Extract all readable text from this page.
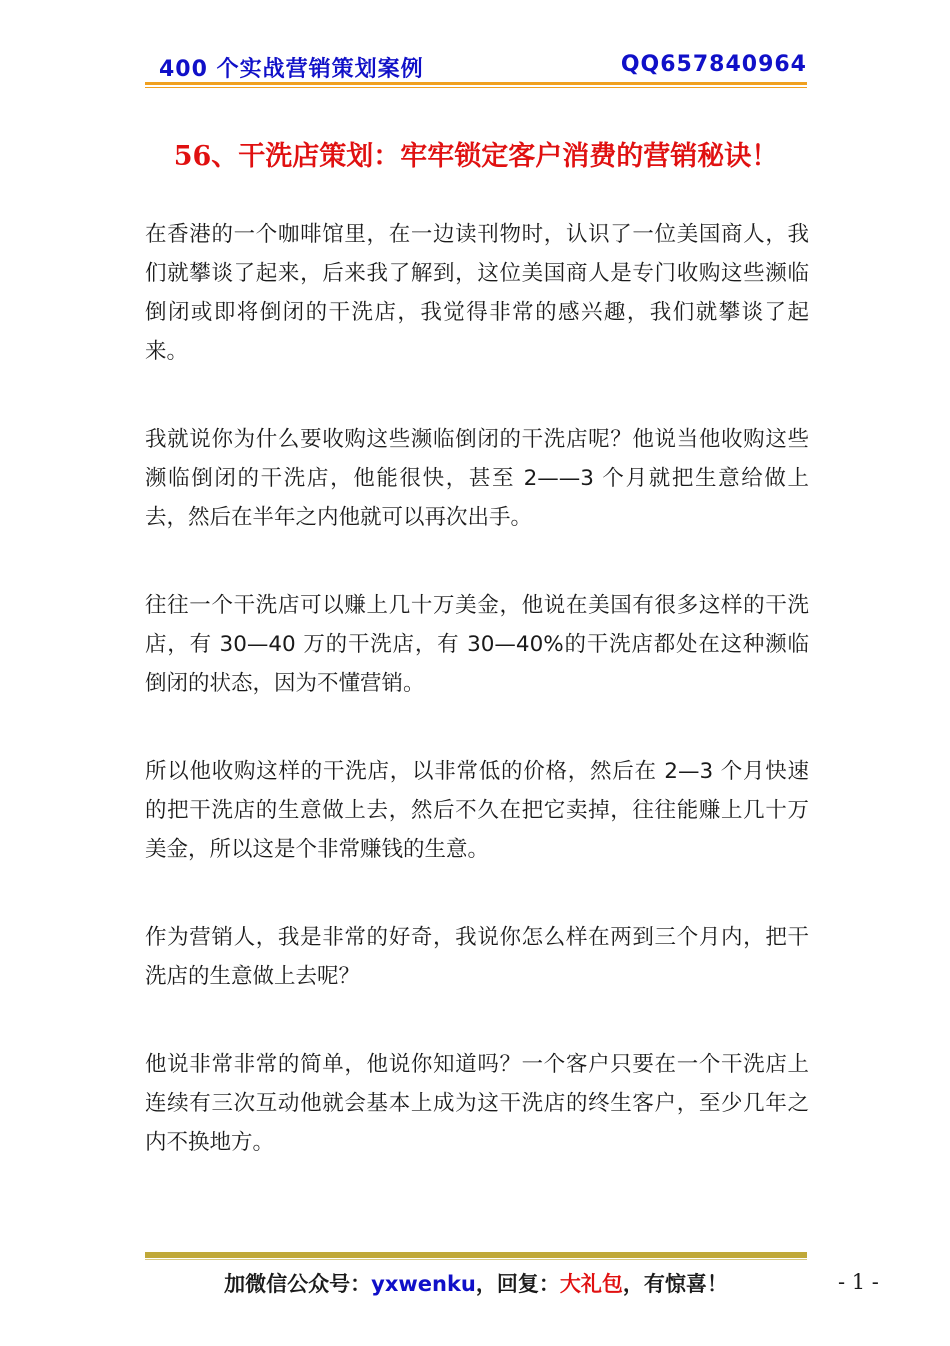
400 个实战营销策划案例	QQ657840964
56、干洗店策划：牢牢锁定客户消费的营销秘诀！

在香港的一个咖啡馆里，在一边读刊物时，认识了一位美国商人，我们就攀谈了起来，后来我了解到，这位美国商人是专门收购这些濒临倒闭或即将倒闭的干洗店，我觉得非常的感兴趣，我们就攀谈了起来。

我就说你为什么要收购这些濒临倒闭的干洗店呢？他说当他收购这些濒临倒闭的干洗店，他能很快，甚至 2——3 个月就把生意给做上去，然后在半年之内他就可以再次出手。

往往一个干洗店可以赚上几十万美金，他说在美国有很多这样的干洗店，有 30—40 万的干洗店，有 30—40%的干洗店都处在这种濒临倒闭的状态，因为不懂营销。

所以他收购这样的干洗店，以非常低的价格，然后在 2—3 个月快速的把干洗店的生意做上去，然后不久在把它卖掉，往往能赚上几十万美金，所以这是个非常赚钱的生意。

作为营销人，我是非常的好奇，我说你怎么样在两到三个月内，把干洗店的生意做上去呢？

他说非常非常的简单，他说你知道吗？一个客户只要在一个干洗店上连续有三次互动他就会基本上成为这干洗店的终生客户，至少几年之内不换地方。

加微信公众号：yxwenku，回复：大礼包，有惊喜！	- 1 -
